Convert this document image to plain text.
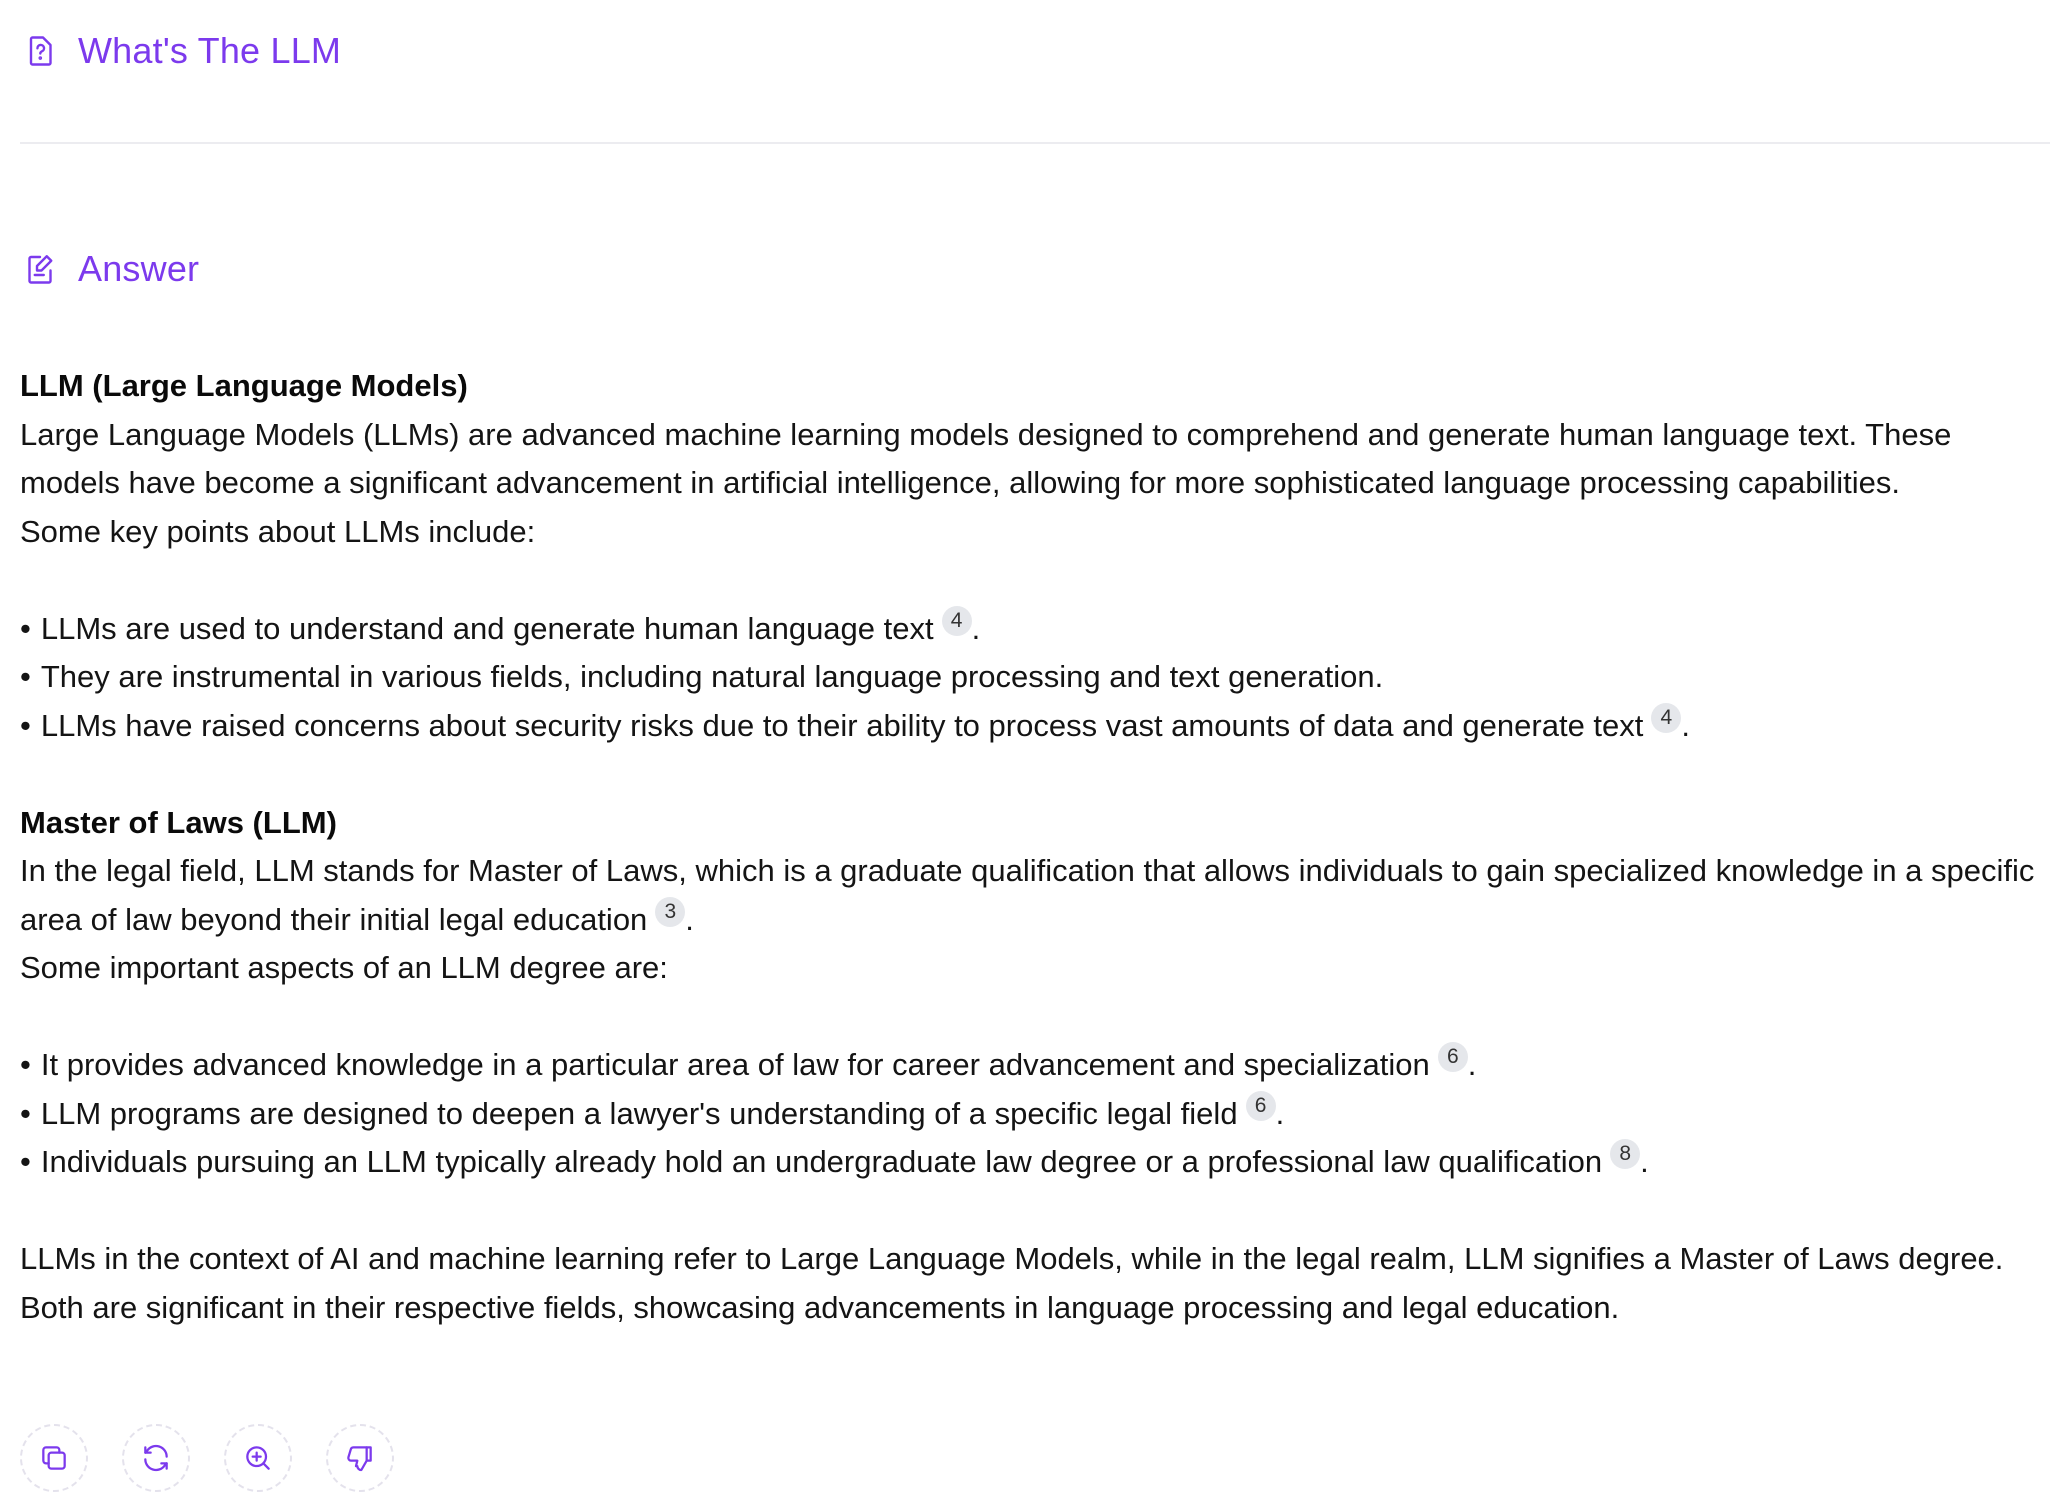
What's The LLM
Answer
LLM (Large Language Models)

Large Language Models (LLMs) are advanced machine learning models designed to comprehend and generate human language text. These models have become a significant advancement in artificial intelligence, allowing for more sophisticated language processing capabilities.

Some key points about LLMs include:

• LLMs are used to understand and generate human language text 4 .
• They are instrumental in various fields, including natural language processing and text generation.
• LLMs have raised concerns about security risks due to their ability to process vast amounts of data and generate text 4 .
Master of Laws (LLM)

In the legal field, LLM stands for Master of Laws, which is a graduate qualification that allows individuals to gain specialized knowledge in a specific area of law beyond their initial legal education 3 .

Some important aspects of an LLM degree are:

• It provides advanced knowledge in a particular area of law for career advancement and specialization 6 .
• LLM programs are designed to deepen a lawyer's understanding of a specific legal field 6 .
• Individuals pursuing an LLM typically already hold an undergraduate law degree or a professional law qualification 8 .

LLMs in the context of AI and machine learning refer to Large Language Models, while in the legal realm, LLM signifies a Master of Laws degree. Both are significant in their respective fields, showcasing advancements in language processing and legal education.
